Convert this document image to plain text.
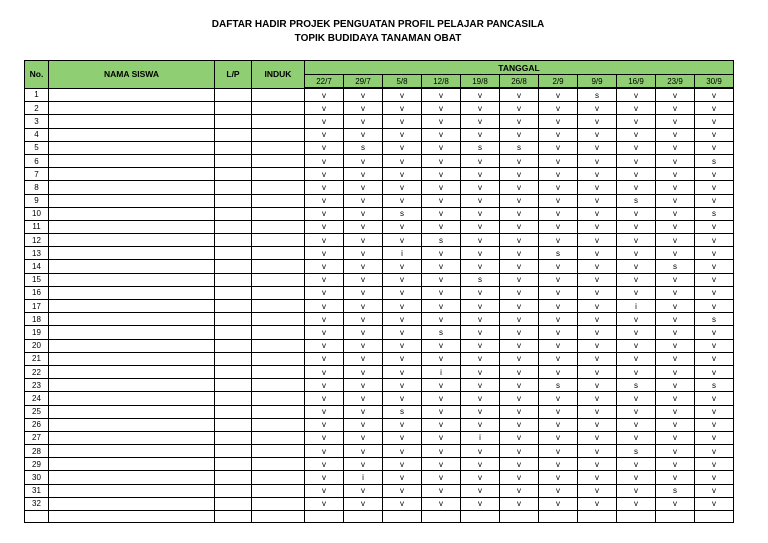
DAFTAR HADIR PROJEK PENGUATAN PROFIL PELAJAR PANCASILA
TOPIK BUDIDAYA TANAMAN OBAT
No.	NAMA SISWA	L/P	INDUK	TANGGAL										
				22/7	29/7	5/8	12/8	19/8	26/8	2/9	9/9	16/9	23/9	30/9
1				v	v	v	v	v	v	v	s	v	v	v
2				v	v	v	v	v	v	v	v	v	v	v
3				v	v	v	v	v	v	v	v	v	v	v
4				v	v	v	v	v	v	v	v	v	v	v
5				v	s	v	v	s	s	v	v	v	v	v
6				v	v	v	v	v	v	v	v	v	v	s
7				v	v	v	v	v	v	v	v	v	v	v
8				v	v	v	v	v	v	v	v	v	v	v
9				v	v	v	v	v	v	v	v	s	v	v
10				v	v	s	v	v	v	v	v	v	v	s
11				v	v	v	v	v	v	v	v	v	v	v
12				v	v	v	s	v	v	v	v	v	v	v
13				v	v	i	v	v	v	s	v	v	v	v
14				v	v	v	v	v	v	v	v	v	s	v
15				v	v	v	v	s	v	v	v	v	v	v
16				v	v	v	v	v	v	v	v	v	v	v
17				v	v	v	v	v	v	v	v	i	v	v
18				v	v	v	v	v	v	v	v	v	v	s
19				v	v	v	s	v	v	v	v	v	v	v
20				v	v	v	v	v	v	v	v	v	v	v
21				v	v	v	v	v	v	v	v	v	v	v
22				v	v	v	i	v	v	v	v	v	v	v
23				v	v	v	v	v	v	s	v	s	v	s
24				v	v	v	v	v	v	v	v	v	v	v
25				v	v	s	v	v	v	v	v	v	v	v
26				v	v	v	v	v	v	v	v	v	v	v
27				v	v	v	v	i	v	v	v	v	v	v
28				v	v	v	v	v	v	v	v	s	v	v
29				v	v	v	v	v	v	v	v	v	v	v
30				v	i	v	v	v	v	v	v	v	v	v
31				v	v	v	v	v	v	v	v	v	s	v
32				v	v	v	v	v	v	v	v	v	v	v
